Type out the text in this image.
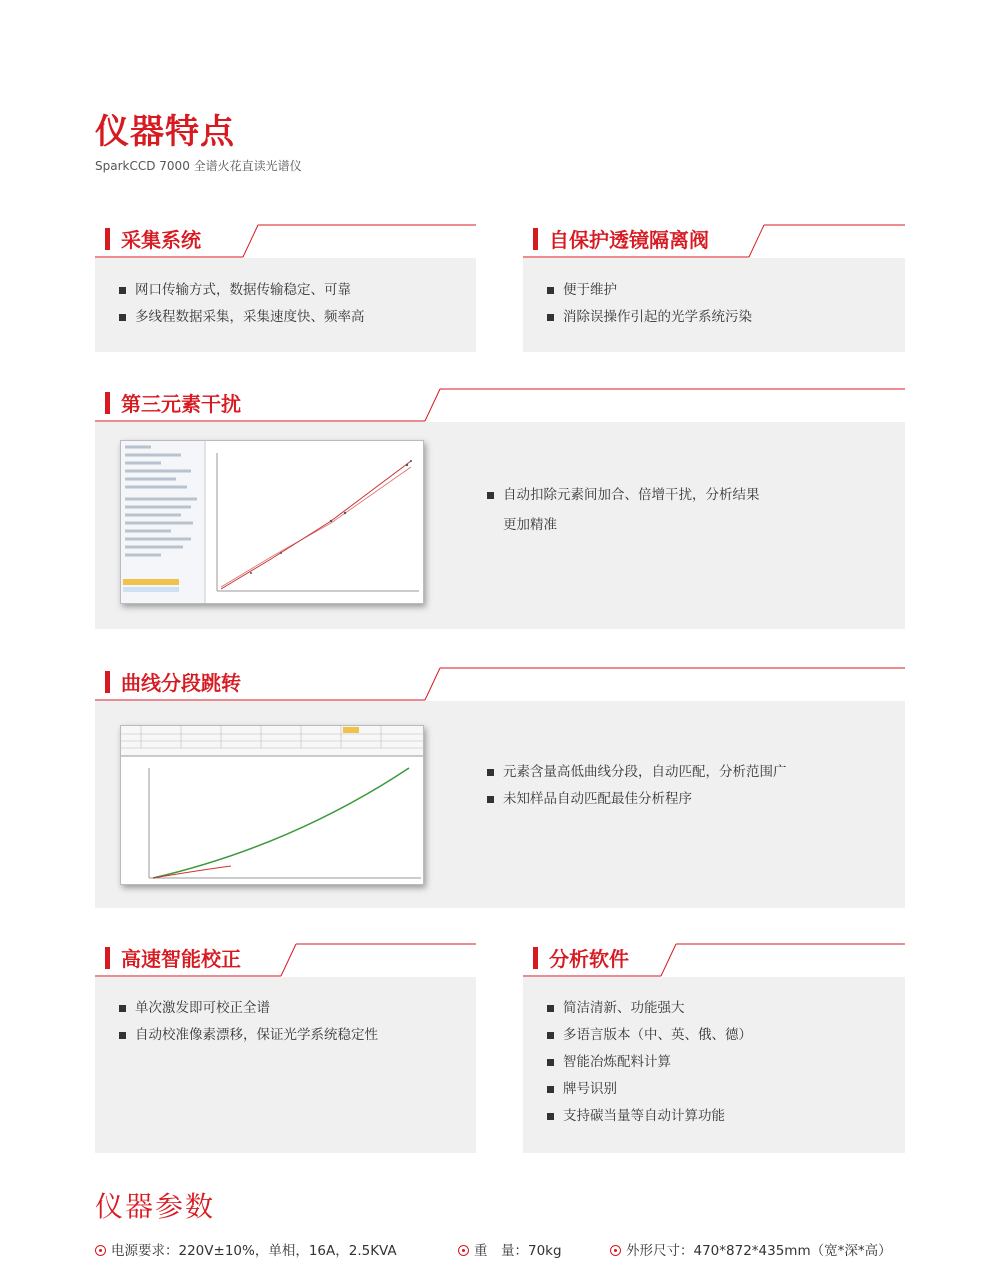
仪器特点
SparkCCD 7000 全谱火花直读光谱仪
采集系统
网口传输方式，数据传输稳定、可靠
多线程数据采集，采集速度快、频率高
自保护透镜隔离阀
便于维护
消除误操作引起的光学系统污染
第三元素干扰
自动扣除元素间加合、倍增干扰，分析结果
更加精准
曲线分段跳转
元素含量高低曲线分段，自动匹配，分析范围广
未知样品自动匹配最佳分析程序
高速智能校正
单次激发即可校正全谱
自动校准像素漂移，保证光学系统稳定性
分析软件
简洁清新、功能强大
多语言版本（中、英、俄、德）
智能冶炼配料计算
牌号识别
支持碳当量等自动计算功能
仪器参数
电源要求：220V±10%，单相，16A，2.5KVA	重　量：70kg	外形尺寸：470*872*435mm（宽*深*高）
